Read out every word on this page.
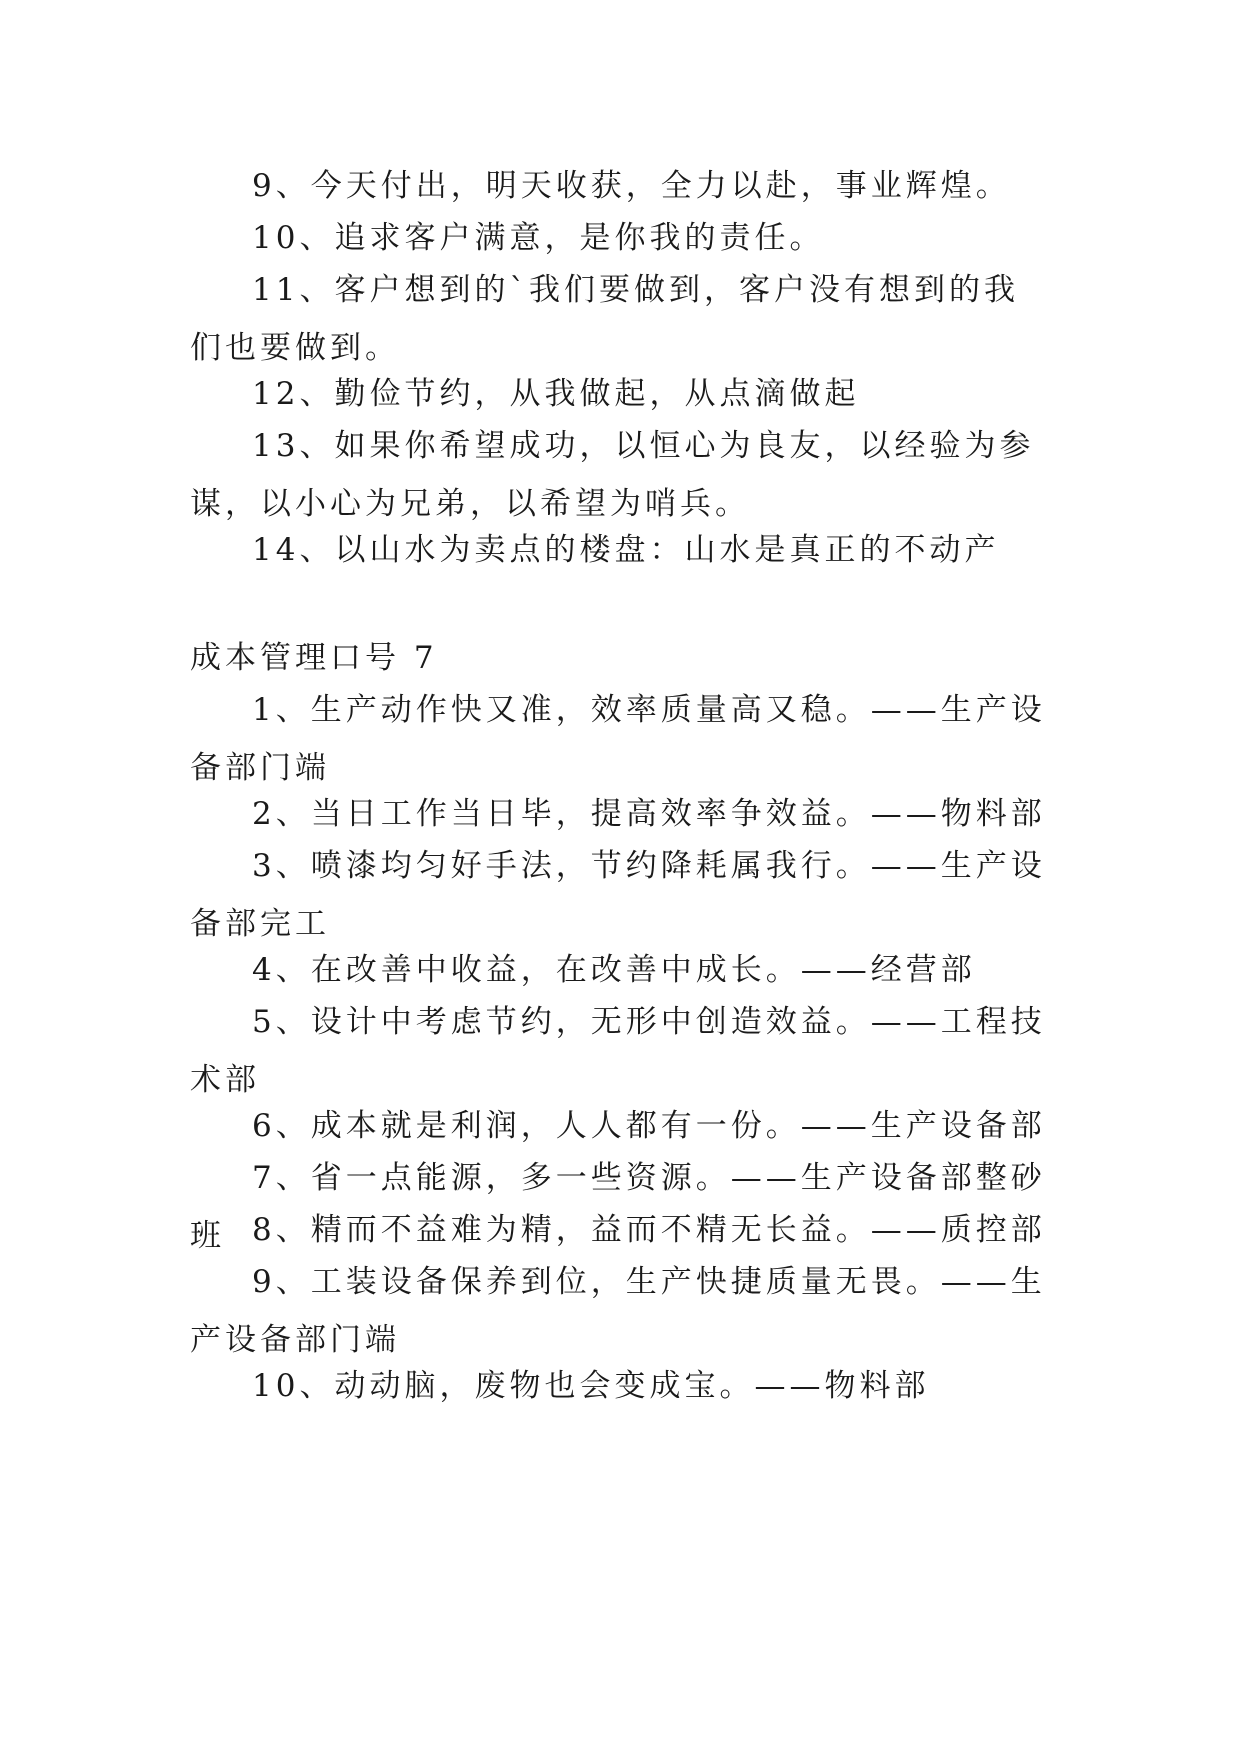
9、今天付出，明天收获，全力以赴，事业辉煌。

10、追求客户满意，是你我的责任。

11、客户想到的`我们要做到，客户没有想到的我们也要做到。

12、勤俭节约，从我做起，从点滴做起

13、如果你希望成功，以恒心为良友，以经验为参谋，以小心为兄弟，以希望为哨兵。

14、以山水为卖点的楼盘：山水是真正的不动产

成本管理口号 7

1、生产动作快又准，效率质量高又稳。——生产设备部门端

2、当日工作当日毕，提高效率争效益。——物料部

3、喷漆均匀好手法，节约降耗属我行。——生产设备部完工

4、在改善中收益，在改善中成长。——经营部

5、设计中考虑节约，无形中创造效益。——工程技术部

6、成本就是利润，人人都有一份。——生产设备部

7、省一点能源，多一些资源。——生产设备部整砂班 8、精而不益难为精，益而不精无长益。——质控部

9、工装设备保养到位，生产快捷质量无畏。——生产设备部门端

10、动动脑，废物也会变成宝。——物料部
